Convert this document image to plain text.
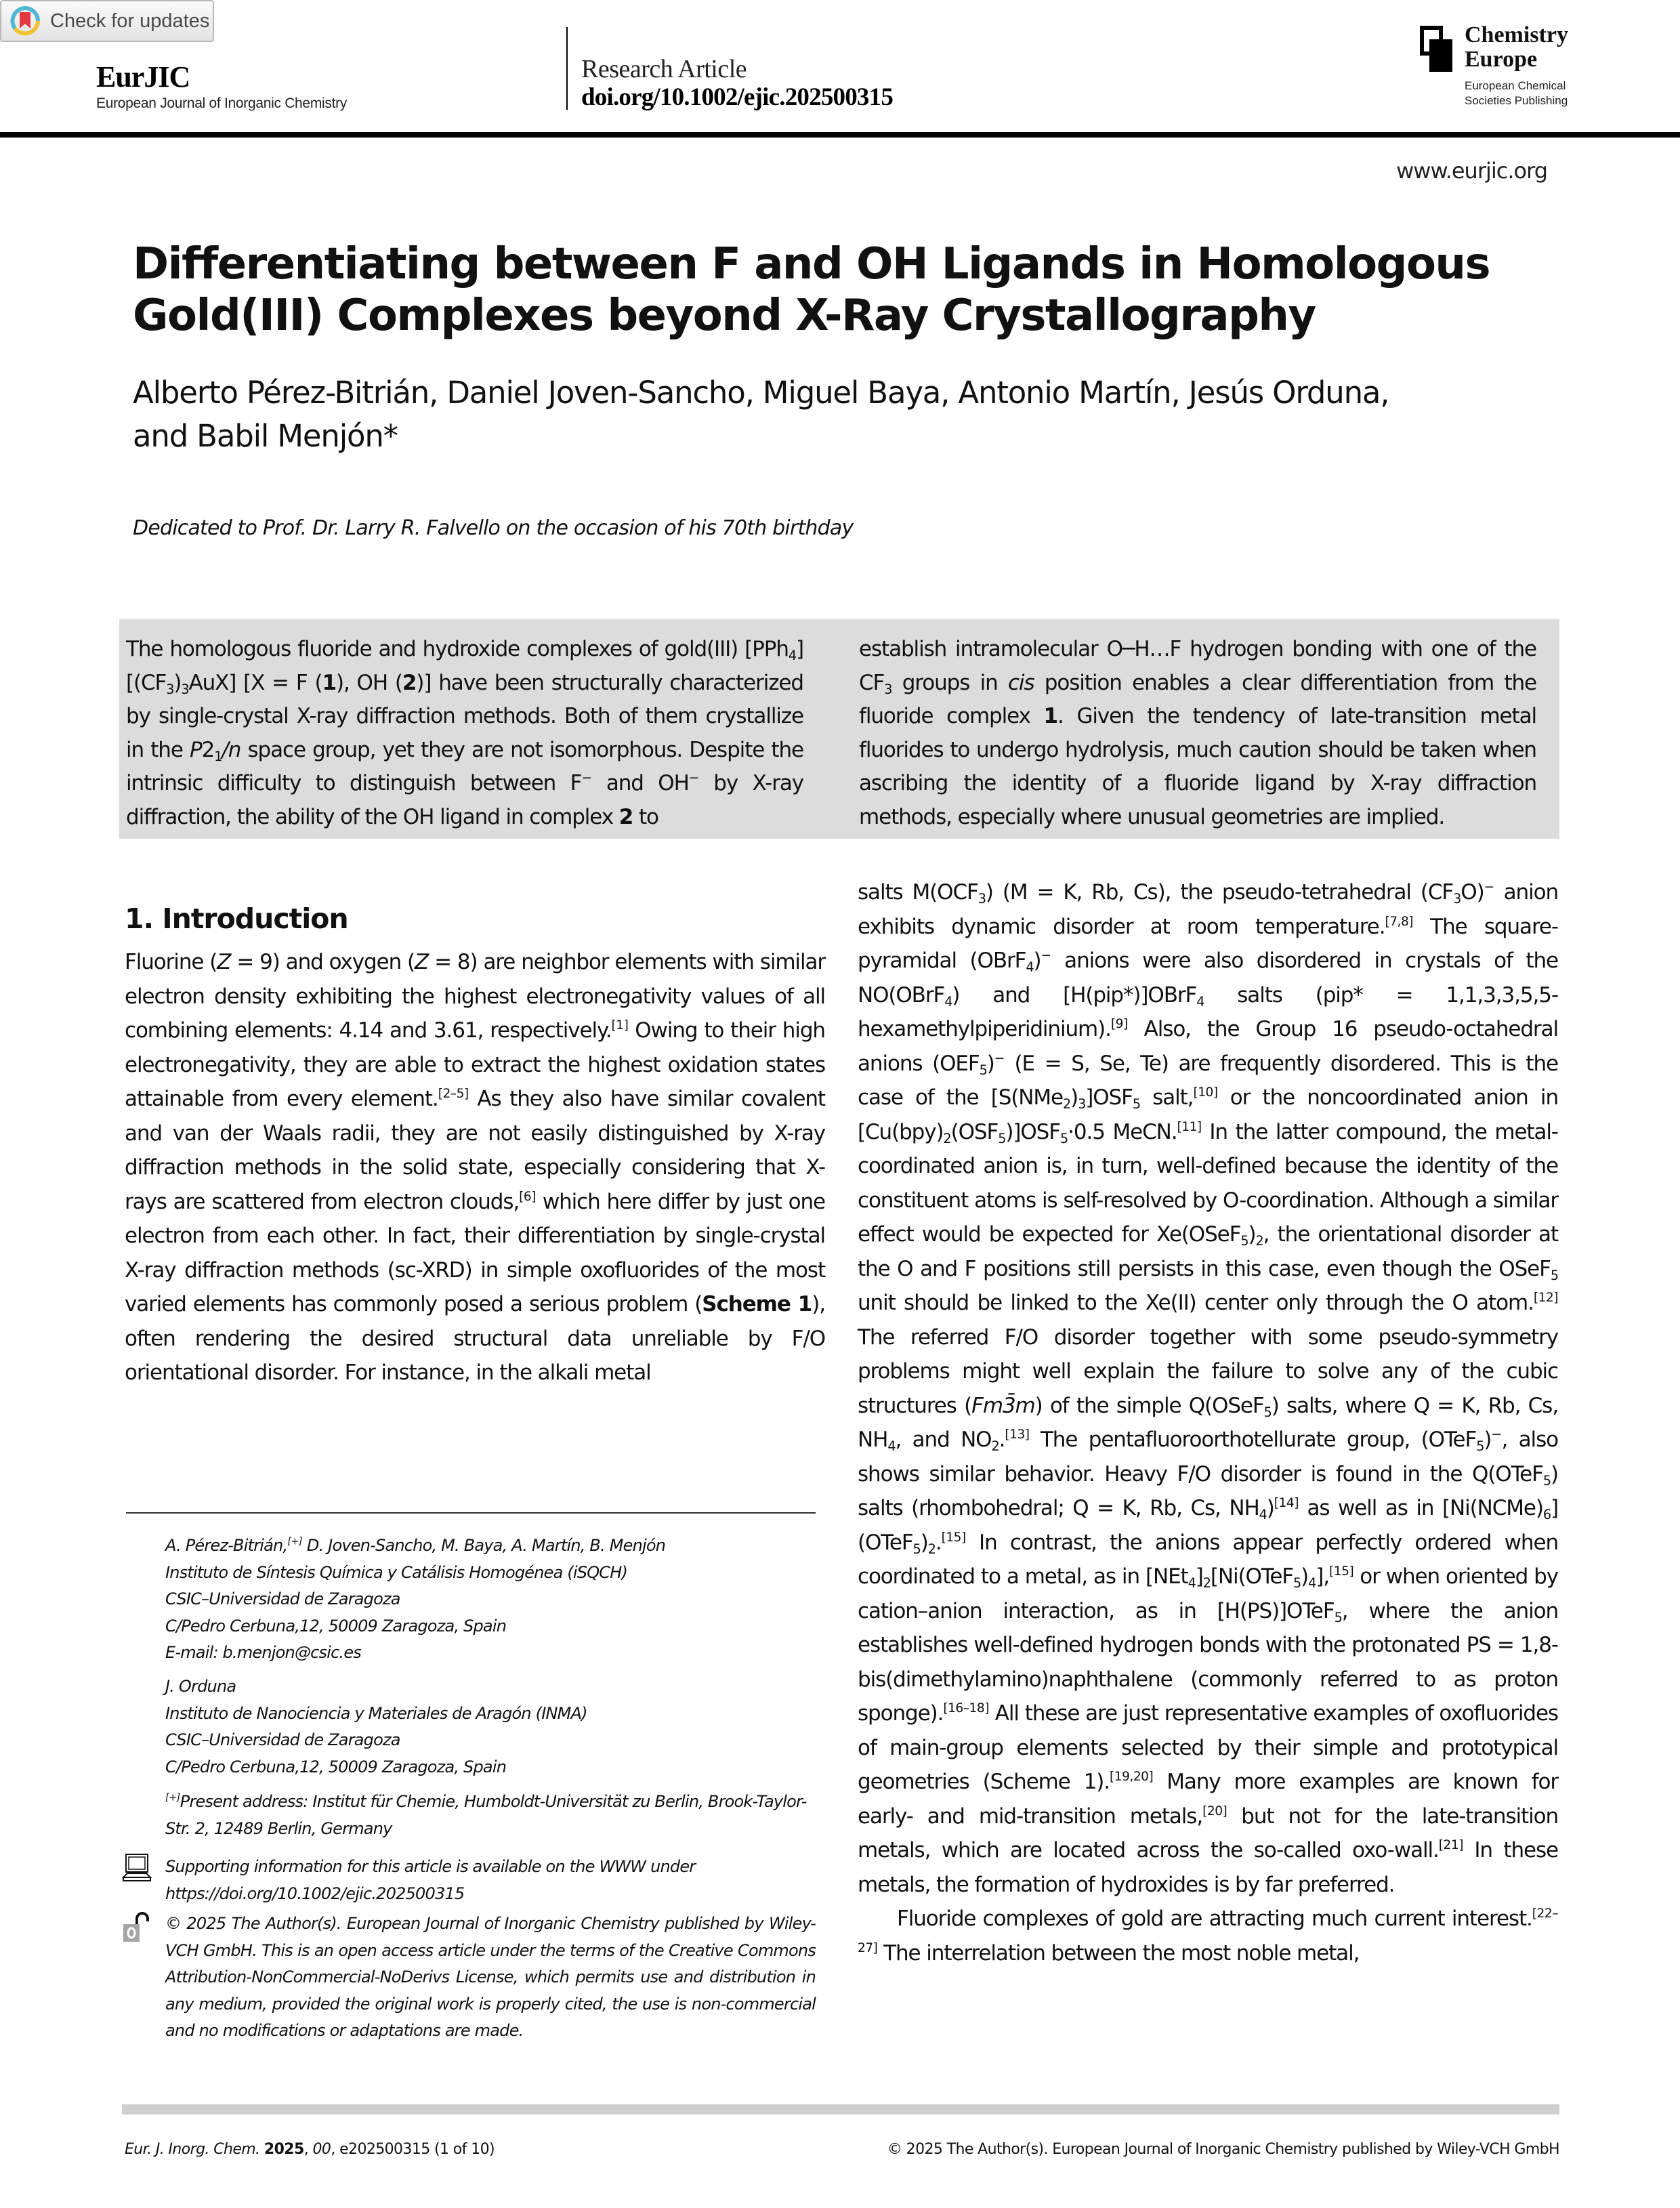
Check for updates
EurJIC
European Journal of Inorganic Chemistry
Research Article
doi.org/10.1002/ejic.202500315
Chemistry
Europe
European Chemical
Societies Publishing
www.eurjic.org
Differentiating between F and OH Ligands in Homologous
Gold(III) Complexes beyond X-Ray Crystallography
Alberto Pérez-Bitrián, Daniel Joven-Sancho, Miguel Baya, Antonio Martín, Jesús Orduna,
and Babil Menjón*
Dedicated to Prof. Dr. Larry R. Falvello on the occasion of his 70th birthday
The homologous fluoride and hydroxide complexes of gold(III) $[PPh_4][(CF_3)_3AuX] [X = F$ (1), OH (2)] have been structurally characterized by single-crystal X-ray diffraction methods. Both of them crystallize in the $P2_1/n$ space group, yet they are not isomorphous. Despite the intrinsic difficulty to distinguish between F− and OH− by X-ray diffraction, the ability of the OH ligand in complex 2 to
establish intramolecular O─H…F hydrogen bonding with one of the $CF_3$ groups in cis position enables a clear differentiation from the fluoride complex 1. Given the tendency of late-transition metal fluorides to undergo hydrolysis, much caution should be taken when ascribing the identity of a fluoride ligand by X-ray diffraction methods, especially where unusual geometries are implied.
1. Introduction
Fluorine (Z = 9) and oxygen (Z = 8) are neighbor elements with similar electron density exhibiting the highest electronegativity values of all combining elements: 4.14 and 3.61, respectively.[1] Owing to their high electronegativity, they are able to extract the highest oxidation states attainable from every element.[2–5] As they also have similar covalent and van der Waals radii, they are not easily distinguished by X-ray diffraction methods in the solid state, especially considering that X-rays are scattered from electron clouds,[6] which here differ by just one electron from each other. In fact, their differentiation by single-crystal X-ray diffraction methods (sc-XRD) in simple oxofluorides of the most varied elements has commonly posed a serious problem (Scheme 1), often rendering the desired structural data unreliable by F/O orientational disorder. For instance, in the alkali metal
salts $M(OCF_3) (M = K$, Rb, Cs), the pseudo-tetrahedral $(CF_3O)^-$ anion exhibits dynamic disorder at room temperature.[7,8] The square-pyramidal (OBrF$_4$)− anions were also disordered in crystals of the NO(OBrF$_4$) and [H(pip*)]OBrF$_4$ salts (pip* = 1,1,3,3,5,5-hexamethylpiperidinium).[9] Also, the Group 16 pseudo-octahedral anions $(OEF_5)^-$ (E = S, Se, Te) are frequently disordered. This is the case of the $[S(NMe_2)_3]OSF_5$ salt,[10] or the noncoordinated anion in $[Cu(bpy)_2(OSF_5)]OSF_5\cdot 0.5$ MeCN.[11] In the latter compound, the metal-coordinated anion is, in turn, well-defined because the identity of the constituent atoms is self-resolved by O-coordination. Although a similar effect would be expected for $Xe(OSeF_5)_2$, the orientational disorder at the O and F positions still persists in this case, even though the OSeF$_5$ unit should be linked to the Xe(II) center only through the O atom.[12] The referred F/O disorder together with some pseudo-symmetry problems might well explain the failure to solve any of the cubic structures (Fm3̄m) of the simple Q(OSeF$_5$) salts, where Q = K, Rb, Cs, $NH_4$, and $NO_2.[13]$ The pentafluoroorthotellurate group, (OTeF$_5$)−, also shows similar behavior. Heavy F/O disorder is found in the Q(OTeF$_5$) salts (rhombohedral; Q = K, Rb, Cs, $NH_4)[14]$ as well as in $[Ni(NCMe)_6]$ $(OTeF_5)_2.[15]$ In contrast, the anions appear perfectly ordered when coordinated to a metal, as in $[NEt_4]_2[Ni(OTeF_5)_4],[15]$ or when oriented by cation–anion interaction, as in [H(PS)]OTeF$_5$, where the anion establishes well-defined hydrogen bonds with the protonated PS = 1,8-bis(dimethylamino)naphthalene (commonly referred to as proton sponge).[16–18] All these are just representative examples of oxofluorides of main-group elements selected by their simple and prototypical geometries (Scheme 1).[19,20] Many more examples are known for early- and mid-transition metals,[20] but not for the late-transition metals, which are located across the so-called oxo-wall.[21] In these metals, the formation of hydroxides is by far preferred.
Fluoride complexes of gold are attracting much current interest.[22–27] The interrelation between the most noble metal,
A. Pérez-Bitrián,[+] D. Joven-Sancho, M. Baya, A. Martín, B. Menjón
Instituto de Síntesis Química y Catálisis Homogénea (iSQCH)
CSIC–Universidad de Zaragoza
C/Pedro Cerbuna,12, 50009 Zaragoza, Spain
E-mail: b.menjon@csic.es
J. Orduna
Instituto de Nanociencia y Materiales de Aragón (INMA)
CSIC–Universidad de Zaragoza
C/Pedro Cerbuna,12, 50009 Zaragoza, Spain
[+]Present address: Institut für Chemie, Humboldt-Universität zu Berlin, Brook-Taylor-Str. 2, 12489 Berlin, Germany
Supporting information for this article is available on the WWW under https://doi.org/10.1002/ejic.202500315
© 2025 The Author(s). European Journal of Inorganic Chemistry published by Wiley-VCH GmbH. This is an open access article under the terms of the Creative Commons Attribution-NonCommercial-NoDerivs License, which permits use and distribution in any medium, provided the original work is properly cited, the use is non-commercial and no modifications or adaptations are made.
Eur. J. Inorg. Chem. 2025, 00, e202500315 (1 of 10)	© 2025 The Author(s). European Journal of Inorganic Chemistry published by Wiley-VCH GmbH
